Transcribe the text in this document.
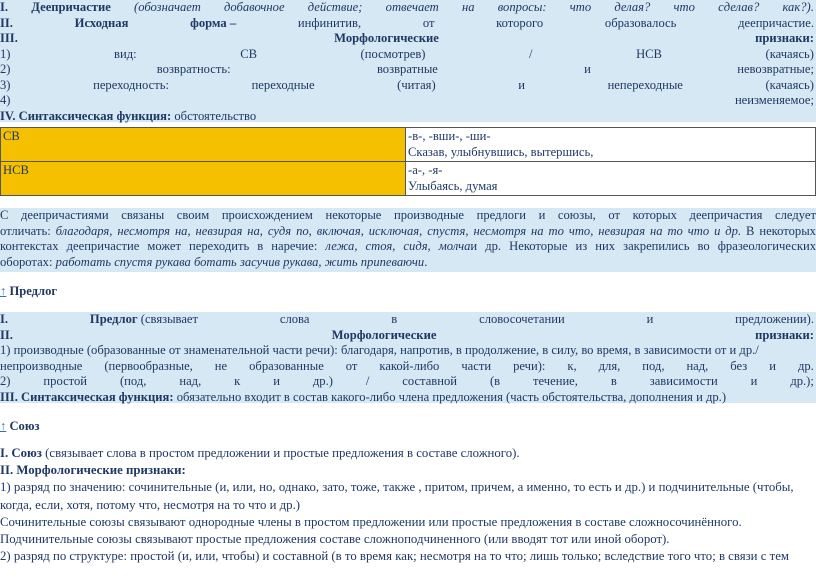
I. Деепричастие (обозначает добавочное действие; отвечает на вопросы: что делая? что сделав? как?).
II.	Исходная	форма –	инфинитив,	от	которого	образовалось	деепричастие.
III.	Морфологические	признаки:
1)	вид:	СВ	(посмотрев)	/	НСВ	(качаясь)
2)	возвратность:	возвратные	и	невозвратные;
3)	переходность:	переходные	(читая)	и	непереходные	(качаясь)
4)	неизменяемое;
IV. Синтаксическая функция: обстоятельство
СВ	-в-, -вши-, -ши-
Сказав, улыбнувшись, вытершись,

НСВ	-а-, -я-
Улыбаясь, думая
С деепричастиями связаны своим происхождением некоторые производные предлоги и союзы, от которых деепричастия следует
отличать: благодаря, несмотря на, невзирая на, судя по, включая, исключая, спустя, несмотря на то что, невзирая на то что и др. В некоторых
контекстах деепричастие может переходить в наречие: лежа, стоя, сидя, молчаи др. Некоторые из них закрепились во фразеологических
оборотах: работать спустя рукава ботать засучив рукава, жить припеваючи.
↑ Предлог
I.	Предлог (связывает	слова	в	словосочетании	и	предложении).
II.	Морфологические	признаки:
1) производные (образованные от знаменательной части речи): благодаря, напротив, в продолжение, в силу, во время, в зависимости от и др./
непроизводные (первообразные, не образованные от какой-либо части речи): к, для, под, над, без и др.
2)	простой	(под,	над,	к	и	др.)	/	составной	(в	течение,	в	зависимости	и	др.);
III. Синтаксическая функция: обязательно входит в состав какого-либо члена предложения (часть обстоятельства, дополнения и др.)
↑ Союз
I. Союз (связывает слова в простом предложении и простые предложения в составе сложного).
II. Морфологические признаки:
1) разряд по значению: сочинительные (и, или, но, однако, зато, тоже, также , притом, причем, а именно, то есть и др.) и подчинительные (чтобы,
когда, если, хотя, потому что, несмотря на то что и др.)
Сочинительные союзы связывают однородные члены в простом предложении или простые предложения в составе сложносочинённого.
Подчинительные союзы связывают простые предложения составе сложноподчиненного (или вводят тот или иной оборот).
2) разряд по структуре: простой (и, или, чтобы) и составной (в то время как; несмотря на то что; лишь только; вследствие того что; в связи с тем
